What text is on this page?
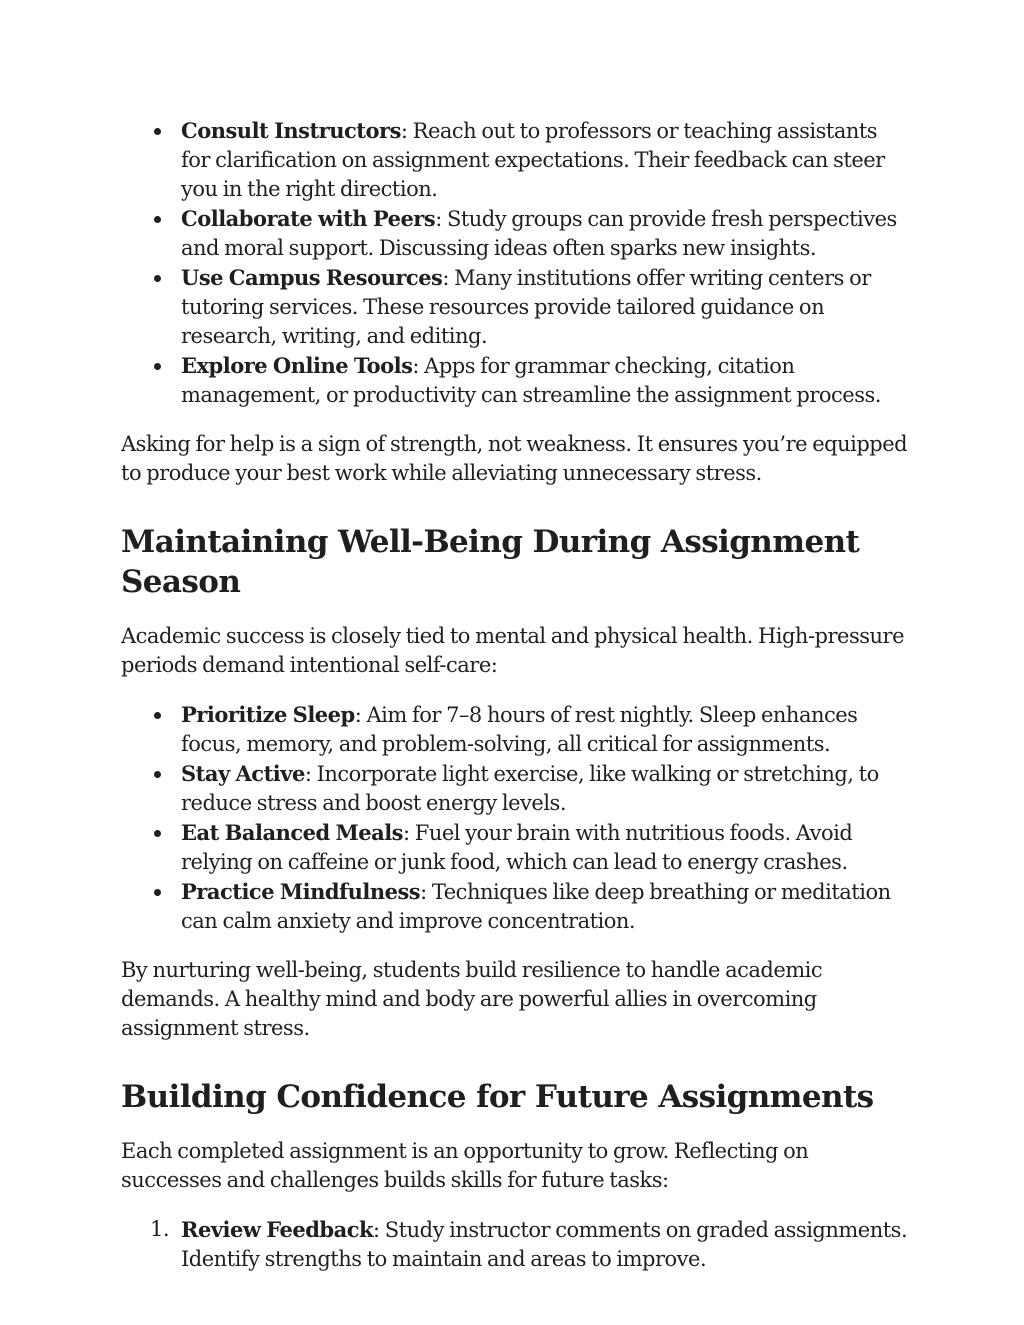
Consult Instructors: Reach out to professors or teaching assistants for clarification on assignment expectations. Their feedback can steer you in the right direction.
Collaborate with Peers: Study groups can provide fresh perspectives and moral support. Discussing ideas often sparks new insights.
Use Campus Resources: Many institutions offer writing centers or tutoring services. These resources provide tailored guidance on research, writing, and editing.
Explore Online Tools: Apps for grammar checking, citation management, or productivity can streamline the assignment process.

Asking for help is a sign of strength, not weakness. It ensures you’re equipped to produce your best work while alleviating unnecessary stress.

Maintaining Well-Being During Assignment Season

Academic success is closely tied to mental and physical health. High-pressure periods demand intentional self-care:

Prioritize Sleep: Aim for 7–8 hours of rest nightly. Sleep enhances focus, memory, and problem-solving, all critical for assignments.
Stay Active: Incorporate light exercise, like walking or stretching, to reduce stress and boost energy levels.
Eat Balanced Meals: Fuel your brain with nutritious foods. Avoid relying on caffeine or junk food, which can lead to energy crashes.
Practice Mindfulness: Techniques like deep breathing or meditation can calm anxiety and improve concentration.

By nurturing well-being, students build resilience to handle academic demands. A healthy mind and body are powerful allies in overcoming assignment stress.

Building Confidence for Future Assignments

Each completed assignment is an opportunity to grow. Reflecting on successes and challenges builds skills for future tasks:

1. Review Feedback: Study instructor comments on graded assignments. Identify strengths to maintain and areas to improve.
